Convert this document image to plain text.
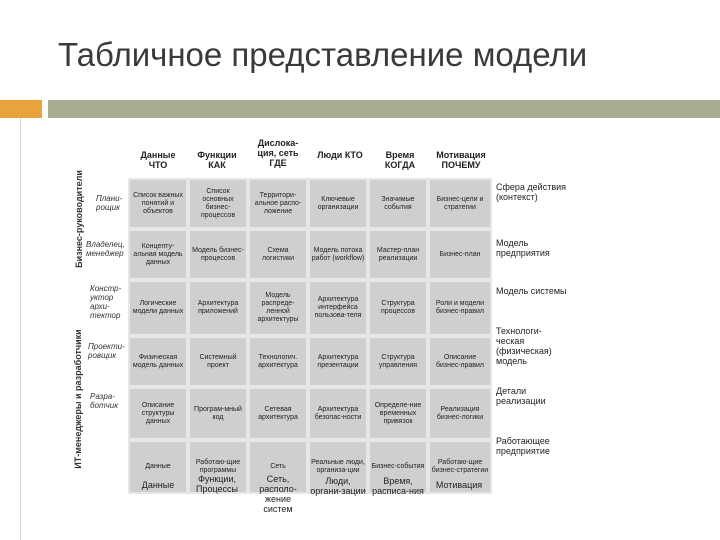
Табличное представление модели
Бизнес-руководители
ИТ-менеджеры и разработчики
Плани-рощик
Владелец, менеджер
Констр-уктор архи-тектор
Проекти-ровщик
Разра-ботчик
Данные ЧТО
Функции КАК
Дислока-ция, сеть ГДЕ
Люди КТО	Время КОГДА
Мотивация ПОЧЕМУ
Список важных понятий и объектов
Список основных бизнес-процессов
Территори-альное распо-ложение
Ключевые организации
Значимые события
Бизнес-цели и стратегии
Концепту-альная модель данных
Модель бизнес-процессов
Схема логистики
Модель потока работ (workflow)
Мастер-план реализации
Бизнес-план
Логические модели данных
Архитектура приложений
Модель распреде-ленной архитектуры
Архитектура интерфейса пользова-теля
Структура процессов
Роли и модели бизнес-правил
Физическая модель данных
Системный проект
Технологич. архитектура
Архитектура презентации
Структура управления
Описание бизнес-правил
Описание структуры данных
Програм-мный код
Сетевая архитектура
Архитектура безопас-ности
Определе-ние временных привязок
Реализация бизнес-логики
Данные
Работаю-щие программы
Сеть
Реальные люди, организа-ции
Бизнес-события
Работаю-щие бизнес-стратегии
Сфера действия (контекст)
Модель предприятия
Модель системы
Технологи-ческая (физическая) модель
Детали реализации
Работающее предприятие
Данные
Функции, Процессы
Сеть, располо-жение систем
Люди, органи-зации
Время, расписа-ния
Мотивация
